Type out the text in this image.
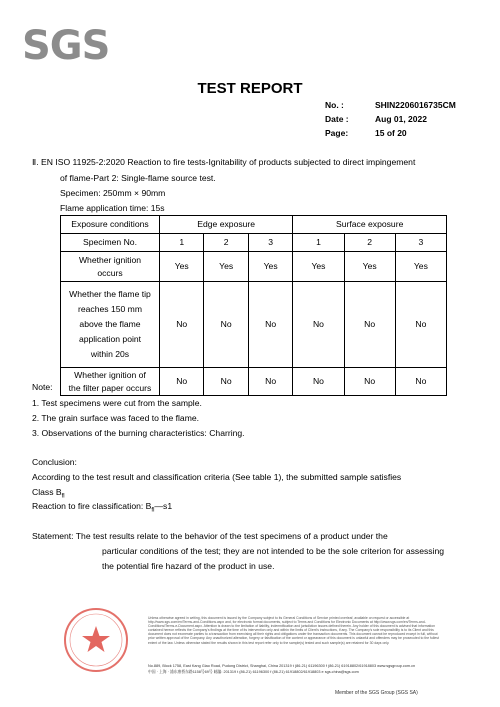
SGS
TEST REPORT
No. :	SHIN2206016735CM
Date :	Aug 01, 2022
Page:	15 of 20
Ⅱ. EN ISO 11925-2:2020 Reaction to fire tests-Ignitability of products subjected to direct impingement
of flame-Part 2: Single-flame source test.
Specimen: 250mm × 90mm
Flame application time: 15s
Exposure conditions	Edge exposure			Surface exposure		
Specimen No.	1	2	3	1	2	3
Whether ignition
occurs	Yes	Yes	Yes	Yes	Yes	Yes
Whether the flame tip
reaches 150 mm
above the flame
application point
within 20s	No	No	No	No	No	No
Whether ignition of
the filter paper occurs	No	No	No	No	No	No
Note:
1. Test specimens were cut from the sample.
2. The grain surface was faced to the flame.
3. Observations of the burning characteristics: Charring.
Conclusion:
According to the test result and classification criteria (See table 1), the submitted sample satisfies
Class $B_{fl}$
Reaction to fire classification: $B_{fl}—s1$
Statement: The test results relate to the behavior of the test specimens of a product under the
particular conditions of the test; they are not intended to be the sole criterion for assessing
the potential fire hazard of the product in use.
Unless otherwise agreed in writing, this document is issued by the Company subject to its General Conditions of Service printed overleaf, available on request or accessible at http://www.sgs.com/en/Terms-and-Conditions.aspx and, for electronic format documents, subject to Terms and Conditions for Electronic Documents at http://www.sgs.com/en/Terms-and-Conditions/Terms-e-Document.aspx. Attention is drawn to the limitation of liability, indemnification and jurisdiction issues defined therein. Any holder of this document is advised that information contained hereon reflects the Company's findings at the time of its intervention only and within the limits of Client's instructions, if any. The Company's sole responsibility is to its Client and this document does not exonerate parties to a transaction from exercising all their rights and obligations under the transaction documents. This document cannot be reproduced except in full, without prior written approval of the Company. Any unauthorized alteration, forgery or falsification of the content or appearance of this document is unlawful and offenders may be prosecuted to the fullest extent of the law. Unless otherwise stated the results shown in this test report refer only to the sample(s) tested and such sample(s) are retained for 30 days only.
No.889, Block 1758, East Kang Giao Road, Pudong District, Shanghai, China 201319 t (86-21) 61196300 f (86-21) 61918802/61918803 www.sgsgroup.com.cn
中国 · 上海 · 浦东康桥东路1158号69号 邮编: 201319 t (86-21) 61196300 f (86-21) 61918802/61918803 e sgs.china@sgs.com
Member of the SGS Group (SGS SA)
